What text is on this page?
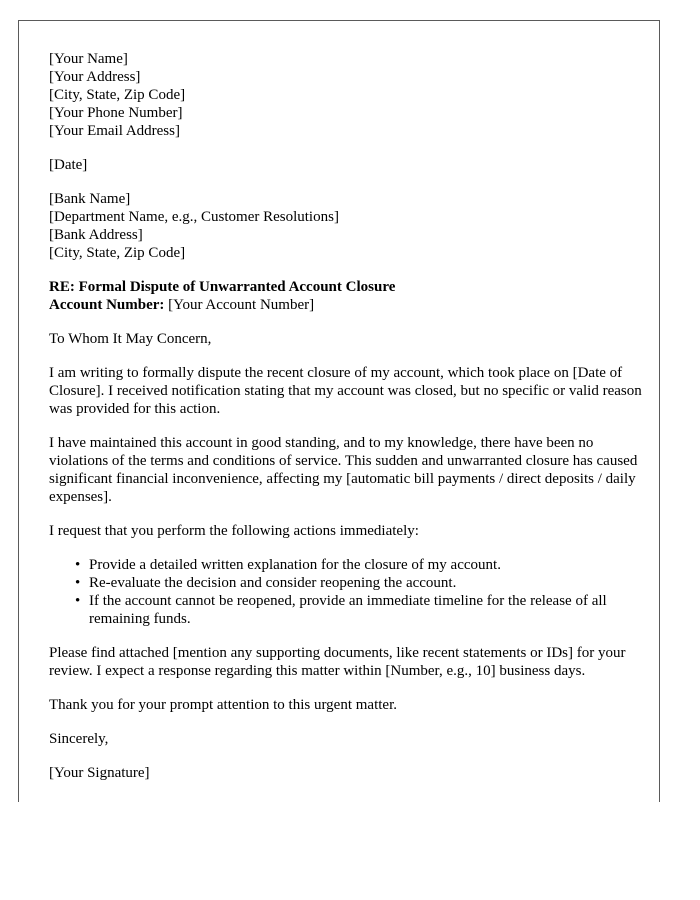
[Your Name]
[Your Address]
[City, State, Zip Code]
[Your Phone Number]
[Your Email Address]
[Date]
[Bank Name]
[Department Name, e.g., Customer Resolutions]
[Bank Address]
[City, State, Zip Code]
RE: Formal Dispute of Unwarranted Account Closure
Account Number: [Your Account Number]

To Whom It May Concern,

I am writing to formally dispute the recent closure of my account, which took place on [Date of Closure]. I received notification stating that my account was closed, but no specific or valid reason was provided for this action.

I have maintained this account in good standing, and to my knowledge, there have been no violations of the terms and conditions of service. This sudden and unwarranted closure has caused significant financial inconvenience, affecting my [automatic bill payments / direct deposits / daily expenses].

I request that you perform the following actions immediately:

• Provide a detailed written explanation for the closure of my account.
• Re-evaluate the decision and consider reopening the account.
• If the account cannot be reopened, provide an immediate timeline for the release of all remaining funds.

Please find attached [mention any supporting documents, like recent statements or IDs] for your review. I expect a response regarding this matter within [Number, e.g., 10] business days.

Thank you for your prompt attention to this urgent matter.

Sincerely,

[Your Signature]
